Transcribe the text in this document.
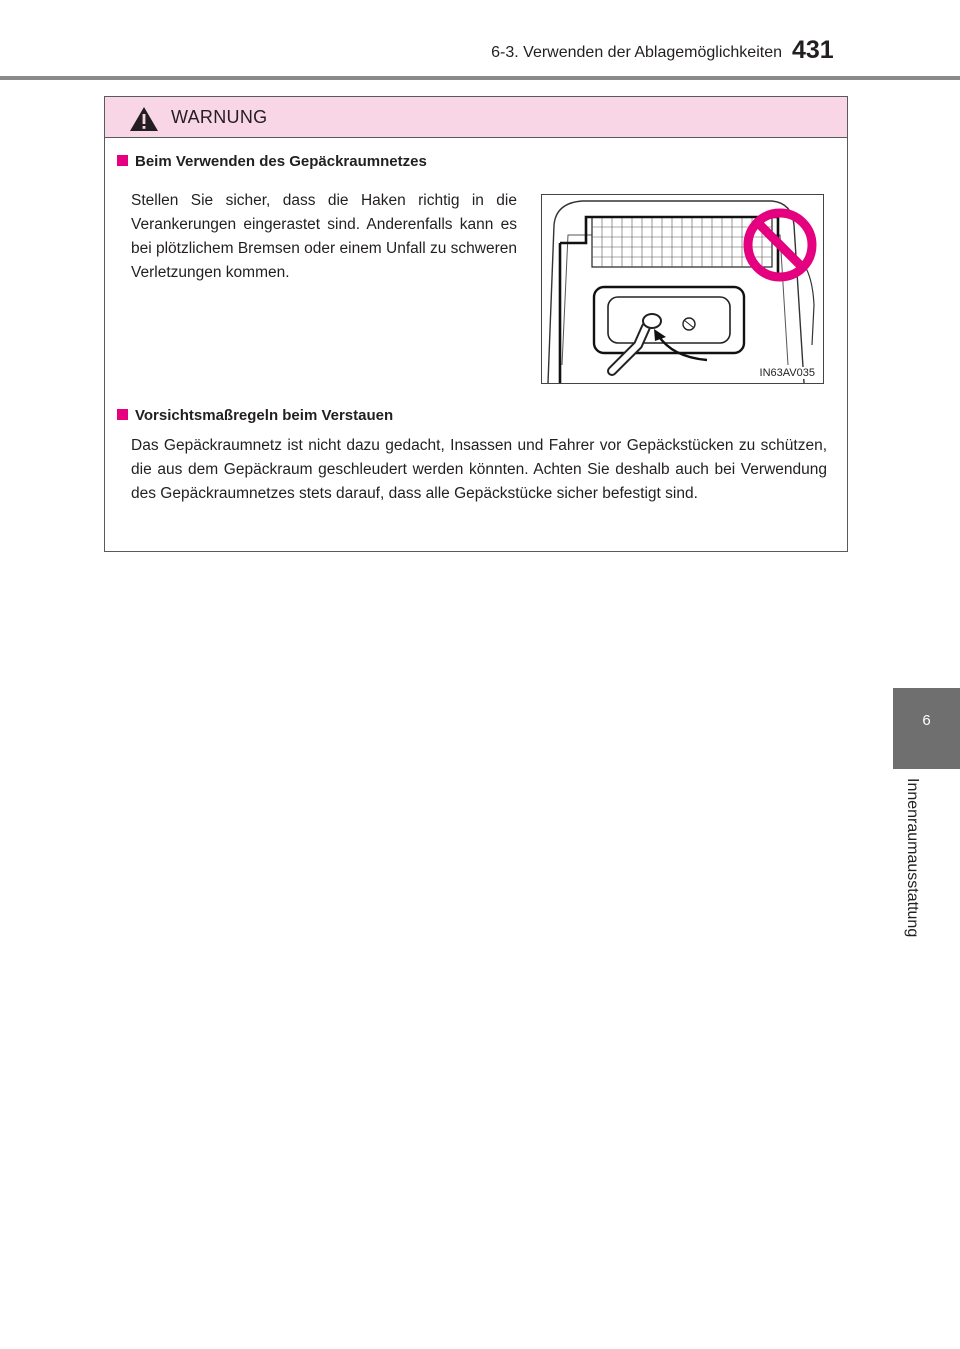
6-3. Verwenden der Ablagemöglichkeiten 431
6
Innenraumausstattung
WARNUNG
Beim Verwenden des Gepäckraumnetzes
Stellen Sie sicher, dass die Haken richtig in die Verankerungen eingerastet sind. Anderenfalls kann es bei plötzlichem Bremsen oder einem Unfall zu schweren Verletzungen kommen.
IN63AV035
Vorsichtsmaßregeln beim Verstauen
Das Gepäckraumnetz ist nicht dazu gedacht, Insassen und Fahrer vor Gepäckstücken zu schützen, die aus dem Gepäckraum geschleudert werden könnten. Achten Sie deshalb auch bei Verwendung des Gepäckraumnetzes stets darauf, dass alle Gepäckstücke sicher befestigt sind.
